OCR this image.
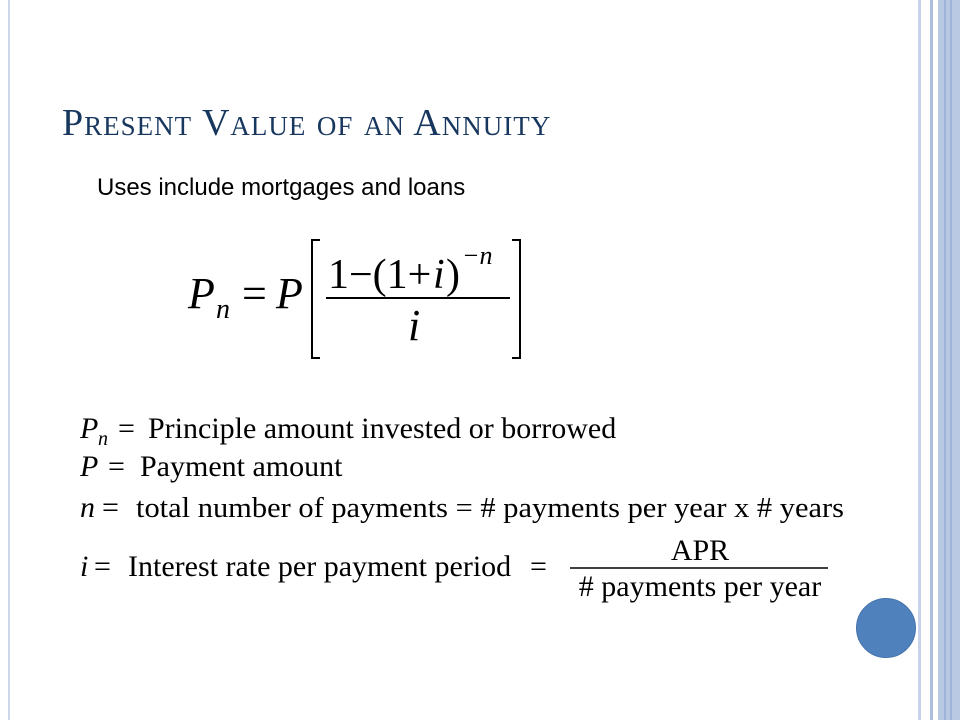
Present Value of an Annuity
Uses include mortgages and loans
P n = P 1−(1+ i ) −n
i
P n = Principle amount invested or borrowed
P = Payment amount
n = total number of payments = # payments per year x # years
i = Interest rate per payment period =	APR
# payments per year
